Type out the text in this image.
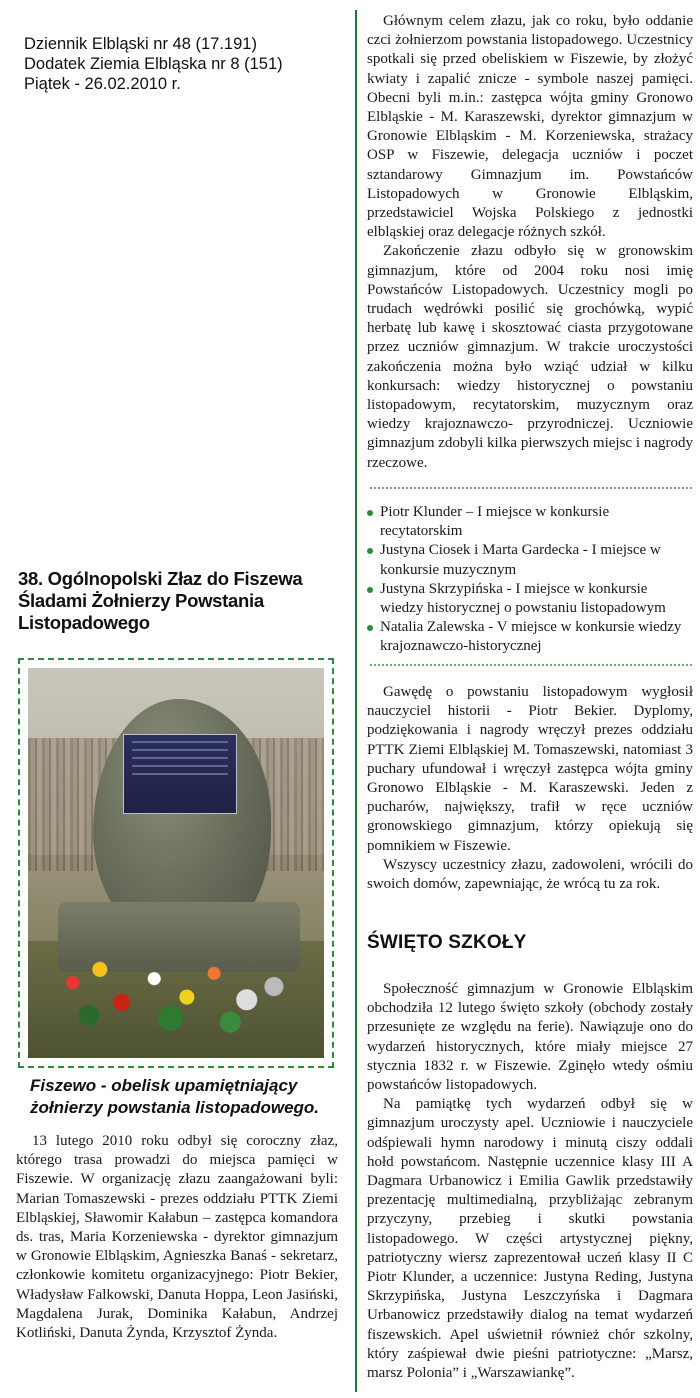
Dziennik Elbląski nr 48 (17.191)
Dodatek Ziemia Elbląska nr 8 (151)
Piątek - 26.02.2010 r.
38. Ogólnopolski Złaz do Fiszewa
Śladami Żołnierzy Powstania
Listopadowego
Fiszewo - obelisk upamiętniający
żołnierzy powstania listopadowego.

13 lutego 2010 roku odbył się coroczny złaz, którego trasa prowadzi do miejsca pamięci w Fiszewie. W organizację złazu zaangażowani byli: Marian Tomaszewski - prezes oddziału PTTK Ziemi Elbląskiej, Sławomir Kałabun – zastępca komandora ds. tras, Maria Korzeniewska - dyrektor gimnazjum w Gronowie Elbląskim, Agnieszka Banaś - sekretarz, członkowie komitetu organizacyjnego: Piotr Bekier, Władysław Falkowski, Danuta Hoppa, Leon Jasiński, Magdalena Jurak, Dominika Kałabun, Andrzej Kotliński, Danuta Żynda, Krzysztof Żynda.

Głównym celem złazu, jak co roku, było oddanie czci żołnierzom powstania listopadowego. Uczestnicy spotkali się przed obeliskiem w Fiszewie, by złożyć kwiaty i zapalić znicze - symbole naszej pamięci. Obecni byli m.in.: zastępca wójta gminy Gronowo Elbląskie - M. Karaszewski, dyrektor gimnazjum w Gronowie Elbląskim - M. Korzeniewska, strażacy OSP w Fiszewie, delegacja uczniów i poczet sztandarowy Gimnazjum im. Powstańców Listopadowych w Gronowie Elbląskim, przedstawiciel Wojska Polskiego z jednostki elbląskiej oraz delegacje różnych szkół.

Zakończenie złazu odbyło się w gronowskim gimnazjum, które od 2004 roku nosi imię Powstańców Listopadowych. Uczestnicy mogli po trudach wędrówki posilić się grochówką, wypić herbatę lub kawę i skosztować ciasta przygotowane przez uczniów gimnazjum. W trakcie uroczystości zakończenia można było wziąć udział w kilku konkursach: wiedzy historycznej o powstaniu listopadowym, recytatorskim, muzycznym oraz wiedzy krajoznawczo- przyrodniczej. Uczniowie gimnazjum zdobyli kilka pierwszych miejsc i nagrody rzeczowe.

Piotr Klunder – I miejsce w konkursie recytatorskim
Justyna Ciosek i Marta Gardecka - I miejsce w konkursie muzycznym
Justyna Skrzypińska - I miejsce w konkursie wiedzy historycznej o powstaniu listopadowym
Natalia Zalewska - V miejsce w konkursie wiedzy krajoznawczo-historycznej

Gawędę o powstaniu listopadowym wygłosił nauczyciel historii - Piotr Bekier. Dyplomy, podziękowania i nagrody wręczył prezes oddziału PTTK Ziemi Elbląskiej M. Tomaszewski, natomiast 3 puchary ufundował i wręczył zastępca wójta gminy Gronowo Elbląskie - M. Karaszewski. Jeden z pucharów, największy, trafił w ręce uczniów gronowskiego gimnazjum, którzy opiekują się pomnikiem w Fiszewie.

Wszyscy uczestnicy złazu, zadowoleni, wrócili do swoich domów, zapewniając, że wrócą tu za rok.

ŚWIĘTO SZKOŁY

Społeczność gimnazjum w Gronowie Elbląskim obchodziła 12 lutego święto szkoły (obchody zostały przesunięte ze względu na ferie). Nawiązuje ono do wydarzeń historycznych, które miały miejsce 27 stycznia 1832 r. w Fiszewie. Zginęło wtedy ośmiu powstańców listopadowych.

Na pamiątkę tych wydarzeń odbył się w gimnazjum uroczysty apel. Uczniowie i nauczyciele odśpiewali hymn narodowy i minutą ciszy oddali hołd powstańcom. Następnie uczennice klasy III A Dagmara Urbanowicz i Emilia Gawlik przedstawiły prezentację multimedialną, przybliżając zebranym przyczyny, przebieg i skutki powstania listopadowego. W części artystycznej piękny, patriotyczny wiersz zaprezentował uczeń klasy II C Piotr Klunder, a uczennice: Justyna Reding, Justyna Skrzypińska, Justyna Leszczyńska i Dagmara Urbanowicz przedstawiły dialog na temat wydarzeń fiszewskich. Apel uświetnił również chór szkolny, który zaśpiewał dwie pieśni patriotyczne: „Marsz, marsz Polonia” i „Warszawiankę”.
